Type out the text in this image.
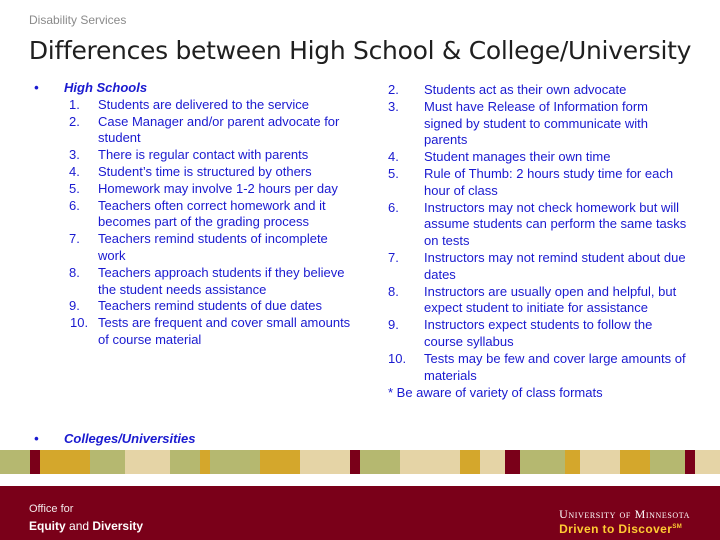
Disability Services
Differences between High School & College/University
• High Schools
1. Students are delivered to the service
2. Case Manager and/or parent advocate for student
3. There is regular contact with parents
4. Student’s time is structured by others
5. Homework may involve 1-2 hours per day
6. Teachers often correct homework and it becomes part of the grading process
7. Teachers remind students of incomplete work
8. Teachers approach students if they believe the student needs assistance
9. Teachers remind students of due dates
10. Tests are frequent and cover small amounts of course material
2. Students act as their own advocate
3. Must have Release of Information form signed by student to communicate with parents
4. Student manages their own time
5. Rule of Thumb: 2 hours study time for each hour of class
6. Instructors may not check homework but will assume students can perform the same tasks on tests
7. Instructors may not remind student about due dates
8. Instructors are usually open and helpful, but expect student to initiate for assistance
9. Instructors expect students to follow the course syllabus
10. Tests may be few and cover large amounts of materials
* Be aware of variety of class formats
• Colleges/Universities
Office for
Equity and Diversity
University of Minnesota
Driven to Discover℠
